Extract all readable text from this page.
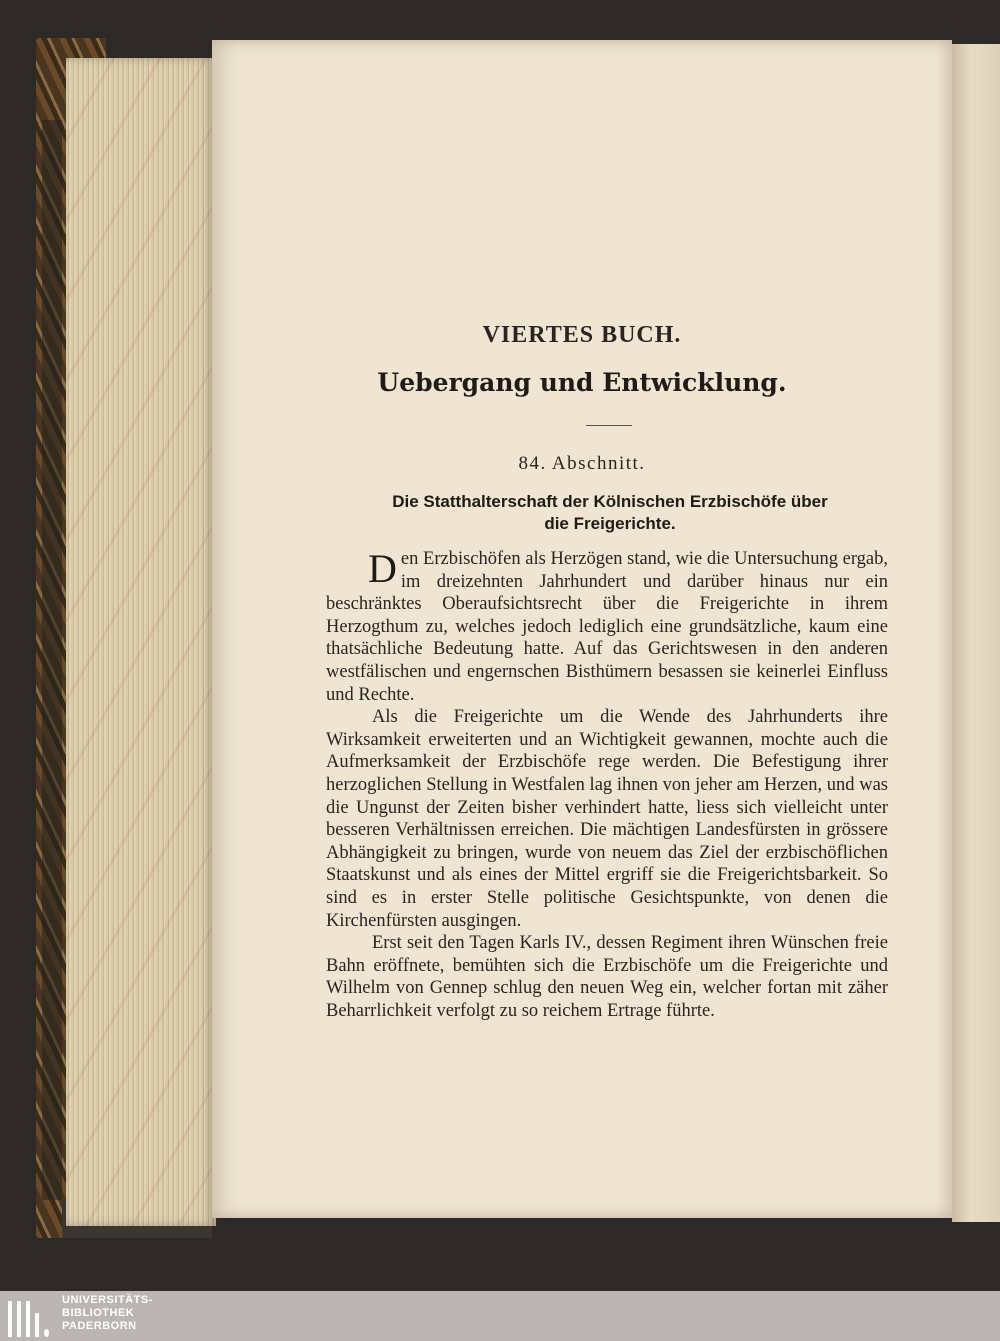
VIERTES BUCH.
Uebergang und Entwicklung.
84. Abschnitt.
Die Statthalterschaft der Kölnischen Erzbischöfe über
die Freigerichte.

Den Erzbischöfen als Herzögen stand, wie die Untersuchung ergab, im dreizehnten Jahrhundert und darüber hinaus nur ein beschränktes Oberaufsichtsrecht über die Freigerichte in ihrem Herzogthum zu, welches jedoch lediglich eine grundsätzliche, kaum eine thatsächliche Bedeutung hatte. Auf das Gerichtswesen in den anderen westfälischen und engernschen Bisthümern besassen sie keinerlei Einfluss und Rechte.

Als die Freigerichte um die Wende des Jahrhunderts ihre Wirksamkeit erweiterten und an Wichtigkeit gewannen, mochte auch die Aufmerksamkeit der Erzbischöfe rege werden. Die Befestigung ihrer herzoglichen Stellung in Westfalen lag ihnen von jeher am Herzen, und was die Ungunst der Zeiten bisher verhindert hatte, liess sich vielleicht unter besseren Verhältnissen erreichen. Die mächtigen Landesfürsten in grössere Abhängigkeit zu bringen, wurde von neuem das Ziel der erzbischöflichen Staatskunst und als eines der Mittel ergriff sie die Freigerichtsbarkeit. So sind es in erster Stelle politische Gesichtspunkte, von denen die Kirchenfürsten ausgingen.

Erst seit den Tagen Karls IV., dessen Regiment ihren Wünschen freie Bahn eröffnete, bemühten sich die Erzbischöfe um die Freigerichte und Wilhelm von Gennep schlug den neuen Weg ein, welcher fortan mit zäher Beharrlichkeit verfolgt zu so reichem Ertrage führte.

UNIVERSITÄTS-
BIBLIOTHEK
PADERBORN
